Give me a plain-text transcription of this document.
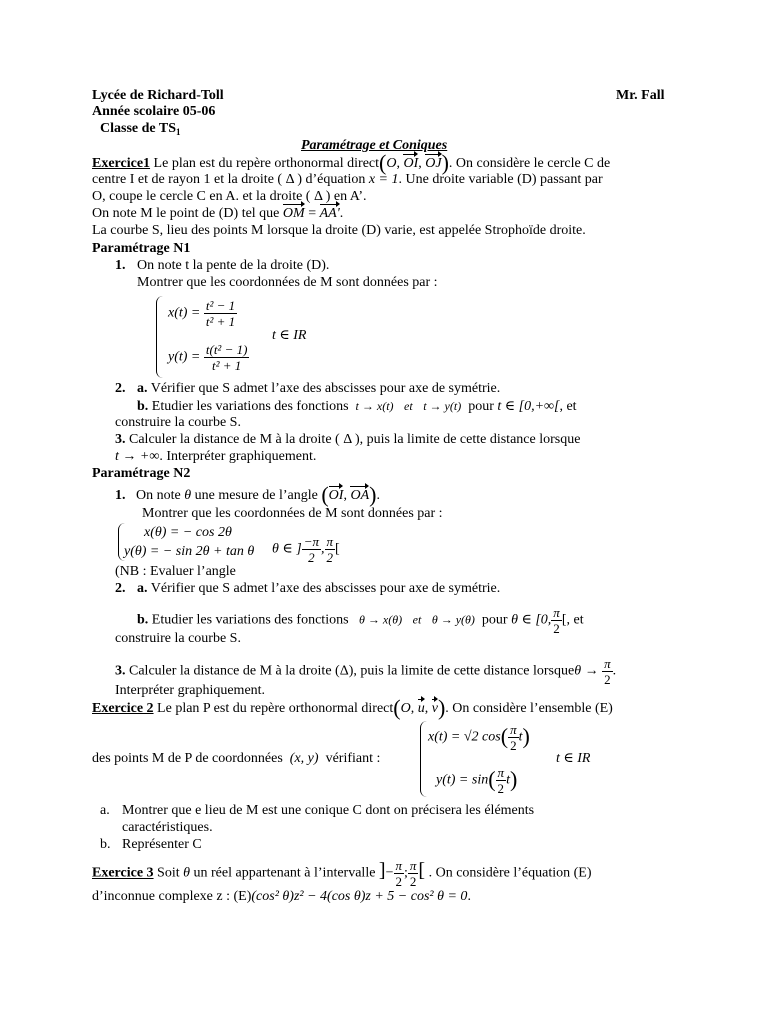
Lycée de Richard-Toll	Mr. Fall
Année scolaire 05-06
Classe de $TS_1$
Paramétrage et Coniques
Exercice1 Le plan est du repère orthonormal direct(O, OI, OJ). On considère le cercle C de
centre I et de rayon 1 et la droite ( Δ ) d’équation x = 1. Une droite variable (D) passant par
O, coupe le cercle C en A. et la droite ( Δ ) en A’.
On note M le point de (D) tel que OM = AA'.
La courbe S, lieu des points M lorsque la droite (D) varie, est appelée Strophoïde droite.
Paramétrage N1
1. On note t la pente de la droite (D).
Montrer que les coordonnées de M sont données par :
$x(t) = \frac{\text{t² − 1}}{\text{t² + 1}}$
t ∈ IR
$y(t) = \frac{\text{t(t² − 1)}}{\text{t² + 1}}$
2. a. Vérifier que S admet l’axe des abscisses pour axe de symétrie.
b. Etudier les variations des fonctions t → x(t) et t → y(t) pour t ∈ [0,+∞[, et
construire la courbe S.
3. Calculer la distance de M à la droite ( Δ ), puis la limite de cette distance lorsque
t → +∞. Interpréter graphiquement.
Paramétrage N2
1. On note θ une mesure de l’angle (OI, OA).
Montrer que les coordonnées de M sont données par :
x(θ) = − cos 2θ
y(θ) = − sin 2θ + tan θ θ ∈ ] $\frac{-\pi}{2}$ , $\frac{\pi}{2}$ [
(NB : Evaluer l’angle
2. a. Vérifier que S admet l’axe des abscisses pour axe de symétrie.
b. Etudier les variations des fonctions θ → x(θ) et θ → y(θ) pour θ ∈ [0, $\frac{\pi}{2}$ [, et
construire la courbe S.
3. Calculer la distance de M à la droite (Δ), puis la limite de cette distance lorsqueθ → $\frac{\pi}{2}$ .
Interpréter graphiquement.
Exercice 2 Le plan P est du repère orthonormal direct(O, u, v). On considère l’ensemble (E)
x(t) = √2 $\cos( \frac{\pi}{2} t)$
des points M de P de coordonnées (x, y) vérifiant :	t ∈ IR
$y(t) = \sin( \frac{\pi}{2} t)$
a. Montrer que e lieu de M est une conique C dont on précisera les éléments
caractéristiques.
b. Représenter C
Exercice 3 Soit θ un réel appartenant à l’intervalle ]− $\frac{\pi}{2}$ ; $\frac{\pi}{2}$ [ . On considère l’équation (E)
d’inconnue complexe z : (E)(cos² θ)z² − 4(cos θ)z + 5 − cos² θ = 0.
